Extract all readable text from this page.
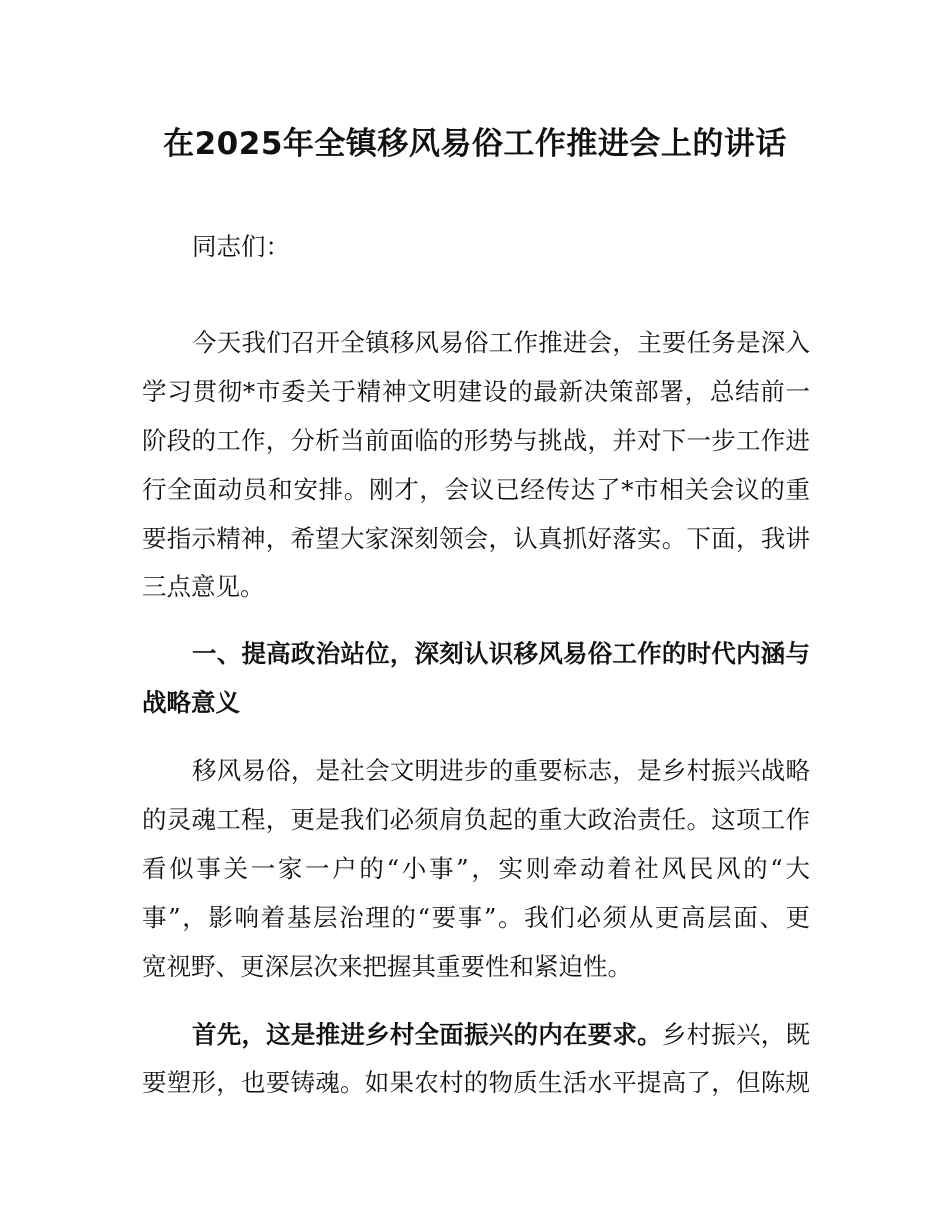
在2025年全镇移风易俗工作推进会上的讲话
同志们：
今天我们召开全镇移风易俗工作推进会，主要任务是深入
学习贯彻*市委关于精神文明建设的最新决策部署，总结前一
阶段的工作，分析当前面临的形势与挑战，并对下一步工作进
行全面动员和安排。刚才，会议已经传达了*市相关会议的重
要指示精神，希望大家深刻领会，认真抓好落实。下面，我讲
三点意见。
一、提高政治站位，深刻认识移风易俗工作的时代内涵与
战略意义
移风易俗，是社会文明进步的重要标志，是乡村振兴战略
的灵魂工程，更是我们必须肩负起的重大政治责任。这项工作
看似事关一家一户的“小事”，实则牵动着社风民风的“大
事”，影响着基层治理的“要事”。我们必须从更高层面、更
宽视野、更深层次来把握其重要性和紧迫性。
首先，这是推进乡村全面振兴的内在要求。乡村振兴，既
要塑形，也要铸魂。如果农村的物质生活水平提高了，但陈规
